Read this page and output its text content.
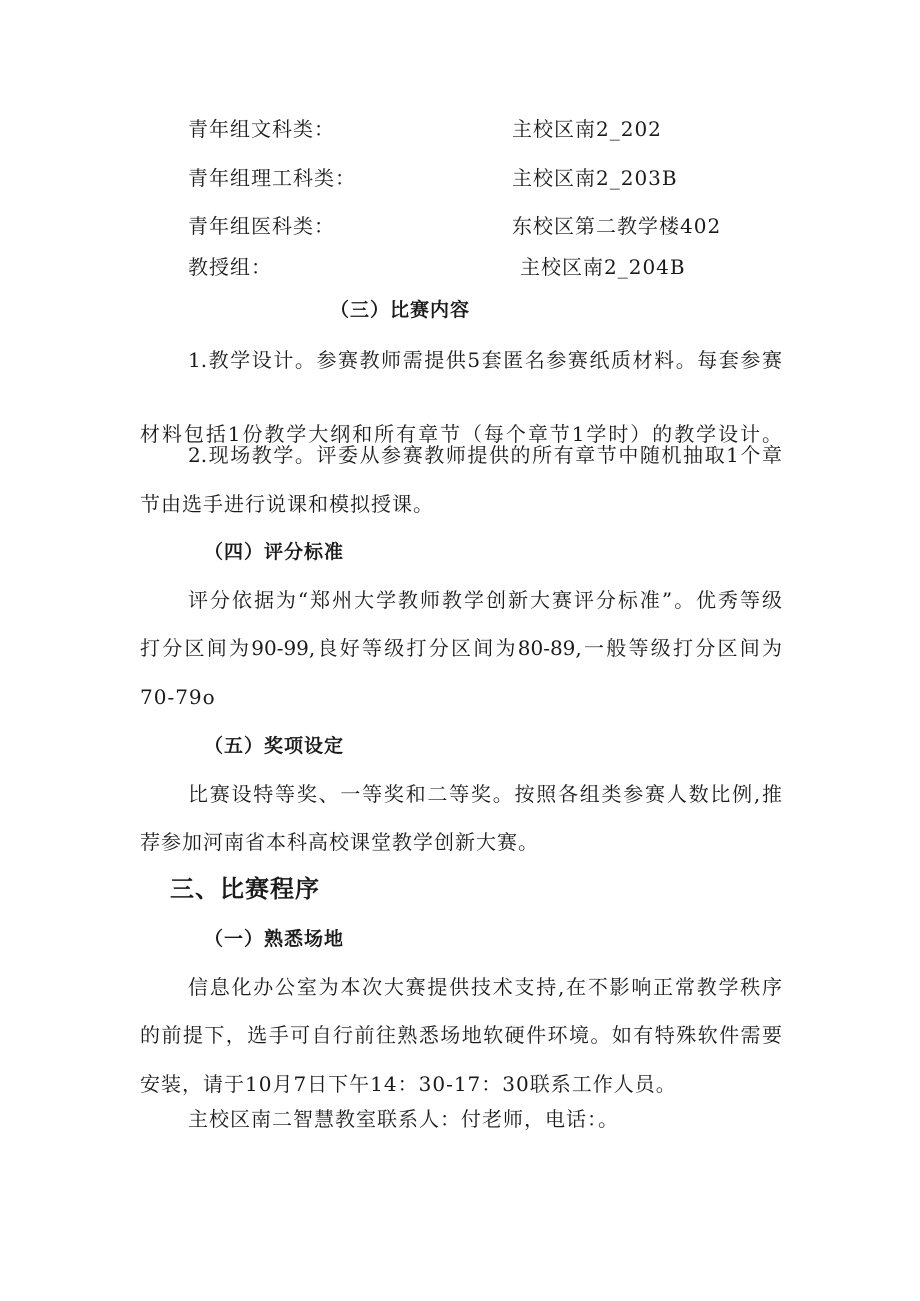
青年组文科类：	主校区南2_202
青年组理工科类：	主校区南2_203B
青年组医科类：	东校区第二教学楼402
教授组：	主校区南2_204B
（三）比赛内容
1.教学设计。参赛教师需提供5套匿名参赛纸质材料。每套参赛
材料包括1份教学大纲和所有章节（每个章节1学时）的教学设计。
2.现场教学。评委从参赛教师提供的所有章节中随机抽取1个章
节由选手进行说课和模拟授课。
（四）评分标准
评分依据为“郑州大学教师教学创新大赛评分标准”。优秀等级
打分区间为90-99,良好等级打分区间为80-89,一般等级打分区间为
70-79o
（五）奖项设定
比赛设特等奖、一等奖和二等奖。按照各组类参赛人数比例,推
荐参加河南省本科高校课堂教学创新大赛。
三、比赛程序
（一）熟悉场地
信息化办公室为本次大赛提供技术支持,在不影响正常教学秩序
的前提下，选手可自行前往熟悉场地软硬件环境。如有特殊软件需要
安装，请于10月7日下午14：30-17：30联系工作人员。
主校区南二智慧教室联系人：付老师，电话：。
